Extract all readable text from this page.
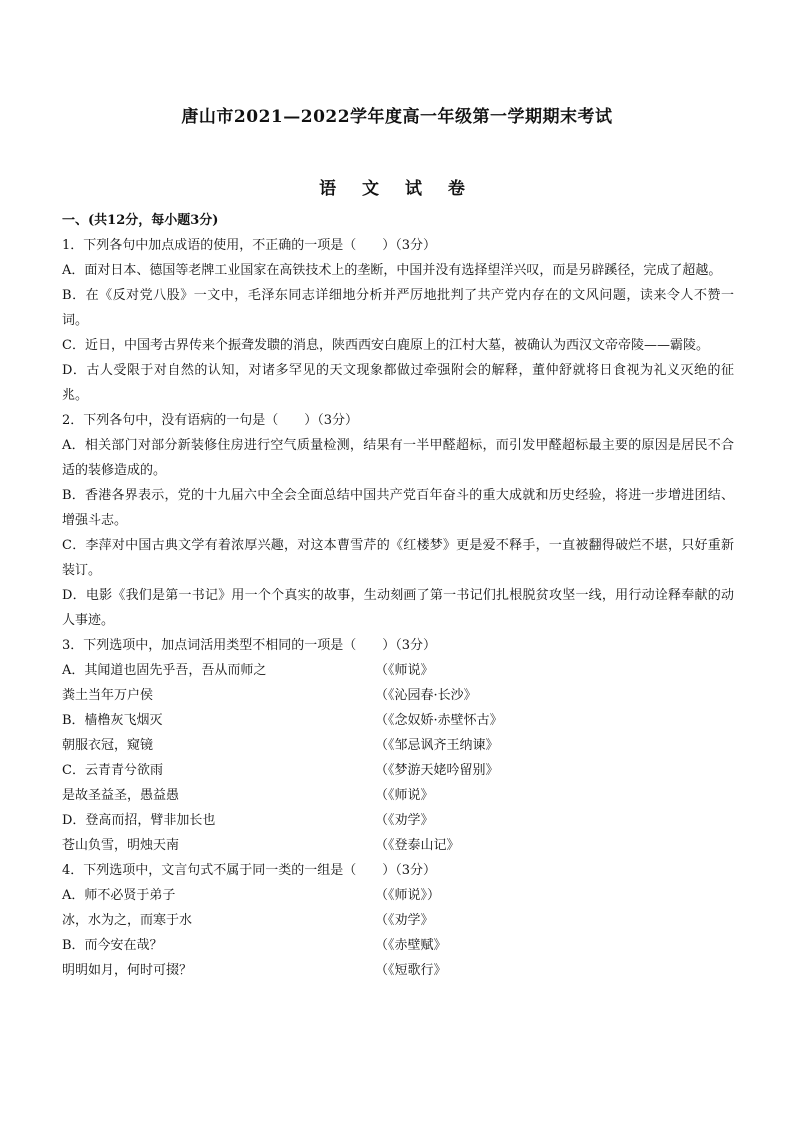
唐山市2021—2022学年度高一年级第一学期期末考试
语 文 试 卷
一、(共12分，每小题3分)
1．下列各句中加点成语的使用，不正确的一项是（　　）（3分）
A．面对日本、德国等老牌工业国家在高铁技术上的垄断，中国并没有选择望洋兴叹，而是另辟蹊径，完成了超越。
B．在《反对党八股》一文中，毛泽东同志详细地分析并严厉地批判了共产党内存在的文风问题，读来令人不赞一词。
C．近日，中国考古界传来个振聋发聩的消息，陕西西安白鹿原上的江村大墓，被确认为西汉文帝帝陵——霸陵。
D．古人受限于对自然的认知，对诸多罕见的天文现象都做过牵强附会的解释，董仲舒就将日食视为礼义灭绝的征兆。
2．下列各句中，没有语病的一句是（　　）（3分）
A．相关部门对部分新装修住房进行空气质量检测，结果有一半甲醛超标，而引发甲醛超标最主要的原因是居民不合适的装修造成的。
B．香港各界表示，党的十九届六中全会全面总结中国共产党百年奋斗的重大成就和历史经验，将进一步增进团结、增强斗志。
C．李萍对中国古典文学有着浓厚兴趣，对这本曹雪芹的《红楼梦》更是爱不释手，一直被翻得破烂不堪，只好重新装订。
D．电影《我们是第一书记》用一个个真实的故事，生动刻画了第一书记们扎根脱贫攻坚一线，用行动诠释奉献的动人事迹。
3．下列选项中，加点词活用类型不相同的一项是（　　）（3分）
A．其闻道也固先乎吾，吾从而师之	（《师说》
粪土当年万户侯	（《沁园春·长沙》
B．樯橹灰飞烟灭	（《念奴娇·赤壁怀古》
朝服衣冠，窥镜	（《邹忌讽齐王纳谏》
C．云青青兮欲雨	（《梦游天姥吟留别》
是故圣益圣，愚益愚	（《师说》
D．登高而招，臂非加长也	（《劝学》
苍山负雪，明烛天南	（《登泰山记》
4．下列选项中，文言句式不属于同一类的一组是（　　）（3分）
A．师不必贤于弟子	（《师说》）
冰，水为之，而寒于水	（《劝学》
B．而今安在哉？	（《赤壁赋》
明明如月，何时可掇？	（《短歌行》
